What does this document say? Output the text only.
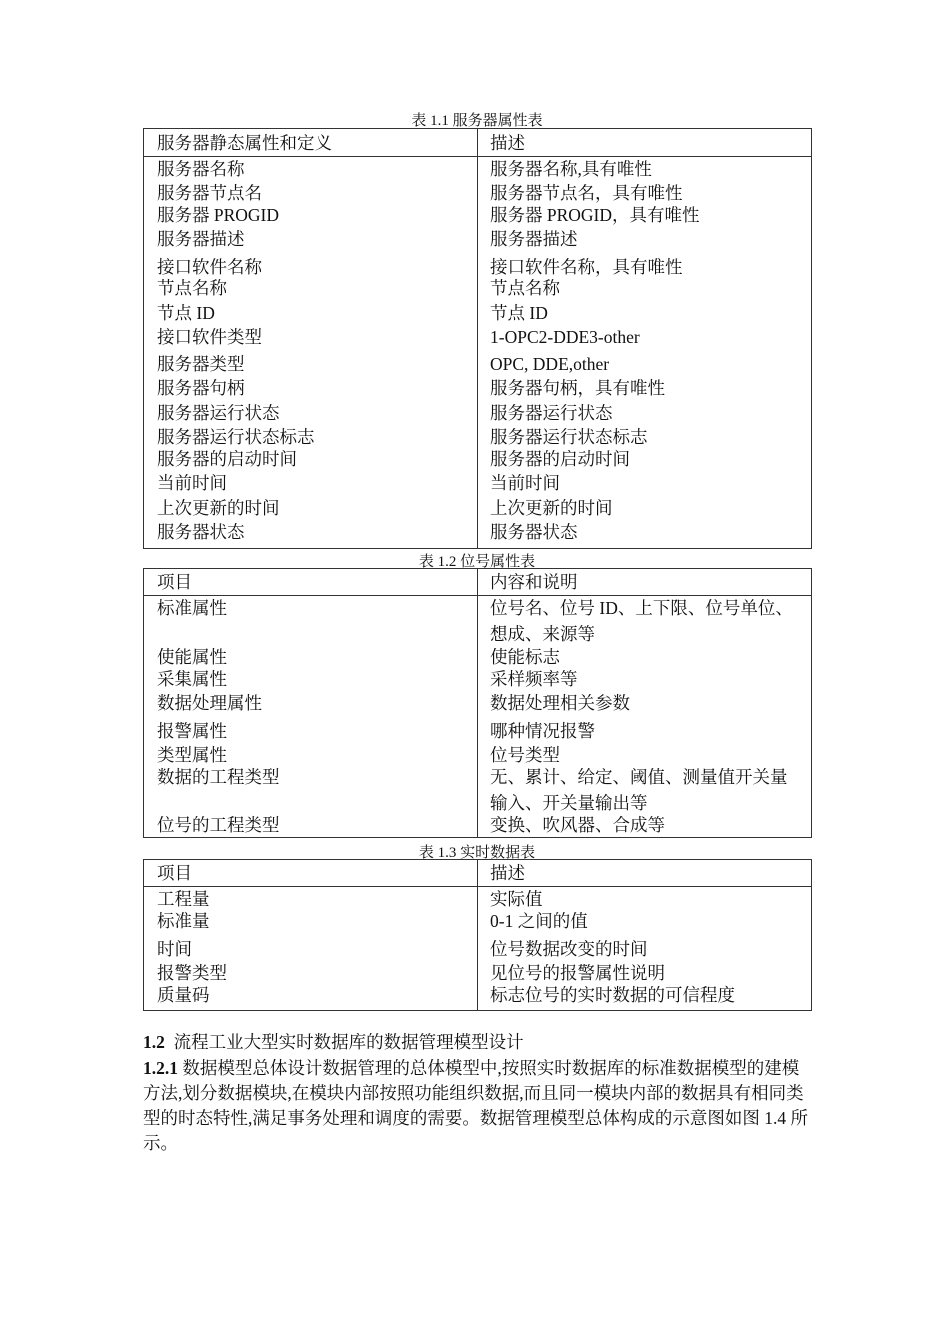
表 1.1 服务器属性表
服务器静态属性和定义	描述
服务器名称	服务器名称,具有唯性
服务器节点名	服务器节点名，具有唯性
服务器 PROGID	服务器 PROGID，具有唯性
服务器描述	服务器描述
接口软件名称	接口软件名称，具有唯性
节点名称	节点名称
节点 ID	节点 ID
接口软件类型	1-OPC2-DDE3-other
服务器类型	OPC, DDE,other
服务器句柄	服务器句柄，具有唯性
服务器运行状态	服务器运行状态
服务器运行状态标志	服务器运行状态标志
服务器的启动时间	服务器的启动时间
当前时间	当前时间
上次更新的时间	上次更新的时间
服务器状态	服务器状态
表 1.2 位号属性表
项目	内容和说明
标准属性	位号名、位号 ID、上下限、位号单位、想成、来源等
使能属性	使能标志
采集属性	采样频率等
数据处理属性	数据处理相关参数
报警属性	哪种情况报警
类型属性	位号类型
数据的工程类型	无、累计、给定、阈值、测量值开关量输入、开关量输出等
位号的工程类型	变换、吹风器、合成等
表 1.3 实时数据表
项目	描述
工程量	实际值
标准量	0-1 之间的值
时间	位号数据改变的时间
报警类型	见位号的报警属性说明
质量码	标志位号的实时数据的可信程度
1.2 流程工业大型实时数据库的数据管理模型设计
1.2.1 数据模型总体设计数据管理的总体模型中,按照实时数据库的标准数据模型的建模方法,划分数据模块,在模块内部按照功能组织数据,而且同一模块内部的数据具有相同类型的时态特性,满足事务处理和调度的需要。数据管理模型总体构成的示意图如图 1.4 所示。
